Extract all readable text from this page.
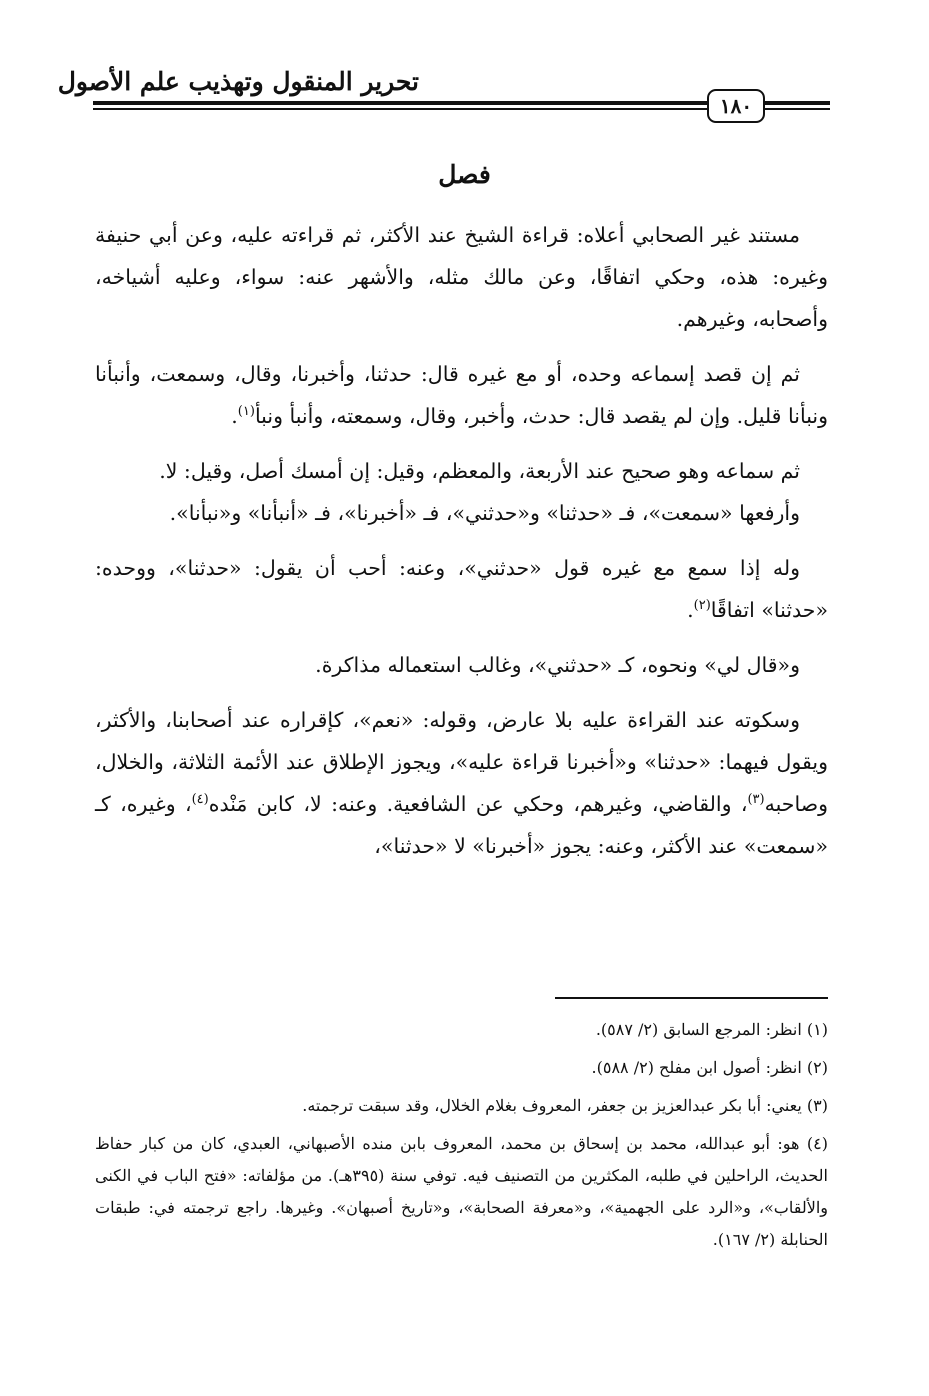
تحرير المنقول وتهذيب علم الأصول
١٨٠
فصل

مستند غير الصحابي أعلاه: قراءة الشيخ عند الأكثر، ثم قراءته عليه، وعن أبي حنيفة وغيره: هذه، وحكي اتفاقًا، وعن مالك مثله، والأشهر عنه: سواء، وعليه أشياخه، وأصحابه، وغيرهم.

ثم إن قصد إسماعه وحده، أو مع غيره قال: حدثنا، وأخبرنا، وقال، وسمعت، وأنبأنا ونبأنا قليل. وإن لم يقصد قال: حدث، وأخبر، وقال، وسمعته، وأنبأ ونبأ$^{(١)}$.

ثم سماعه وهو صحيح عند الأربعة، والمعظم، وقيل: إن أمسك أصل، وقيل: لا.

وأرفعها «سمعت»، فـ «حدثنا» و«حدثني»، فـ «أخبرنا»، فـ «أنبأنا» و«نبأنا».

وله إذا سمع مع غيره قول «حدثني»، وعنه: أحب أن يقول: «حدثنا»، ووحده: «حدثنا» اتفاقًا$^{(٢)}$.

و«قال لي» ونحوه، كـ «حدثني»، وغالب استعماله مذاكرة.

وسكوته عند القراءة عليه بلا عارض، وقوله: «نعم»، كإقراره عند أصحابنا، والأكثر، ويقول فيهما: «حدثنا» و«أخبرنا قراءة عليه»، ويجوز الإطلاق عند الأئمة الثلاثة، والخلال، وصاحبه$^{(٣)}$، والقاضي، وغيرهم، وحكي عن الشافعية. وعنه: لا، كابن مَنْده$^{(٤)}$، وغيره، كـ «سمعت» عند الأكثر، وعنه: يجوز «أخبرنا» لا «حدثنا»،

(١) انظر: المرجع السابق (٢/ ٥٨٧).
(٢) انظر: أصول ابن مفلح (٢/ ٥٨٨).
(٣) يعني: أبا بكر عبدالعزيز بن جعفر، المعروف بغلام الخلال، وقد سبقت ترجمته.
(٤) هو: أبو عبدالله، محمد بن إسحاق بن محمد، المعروف بابن منده الأصبهاني، العبدي، كان من كبار حفاظ الحديث، الراحلين في طلبه، المكثرين من التصنيف فيه. توفي سنة (٣٩٥هـ). من مؤلفاته: «فتح الباب في الكنى والألقاب»، و«الرد على الجهمية»، و«معرفة الصحابة»، و«تاريخ أصبهان». وغيرها. راجع ترجمته في: طبقات الحنابلة (٢/ ١٦٧).
